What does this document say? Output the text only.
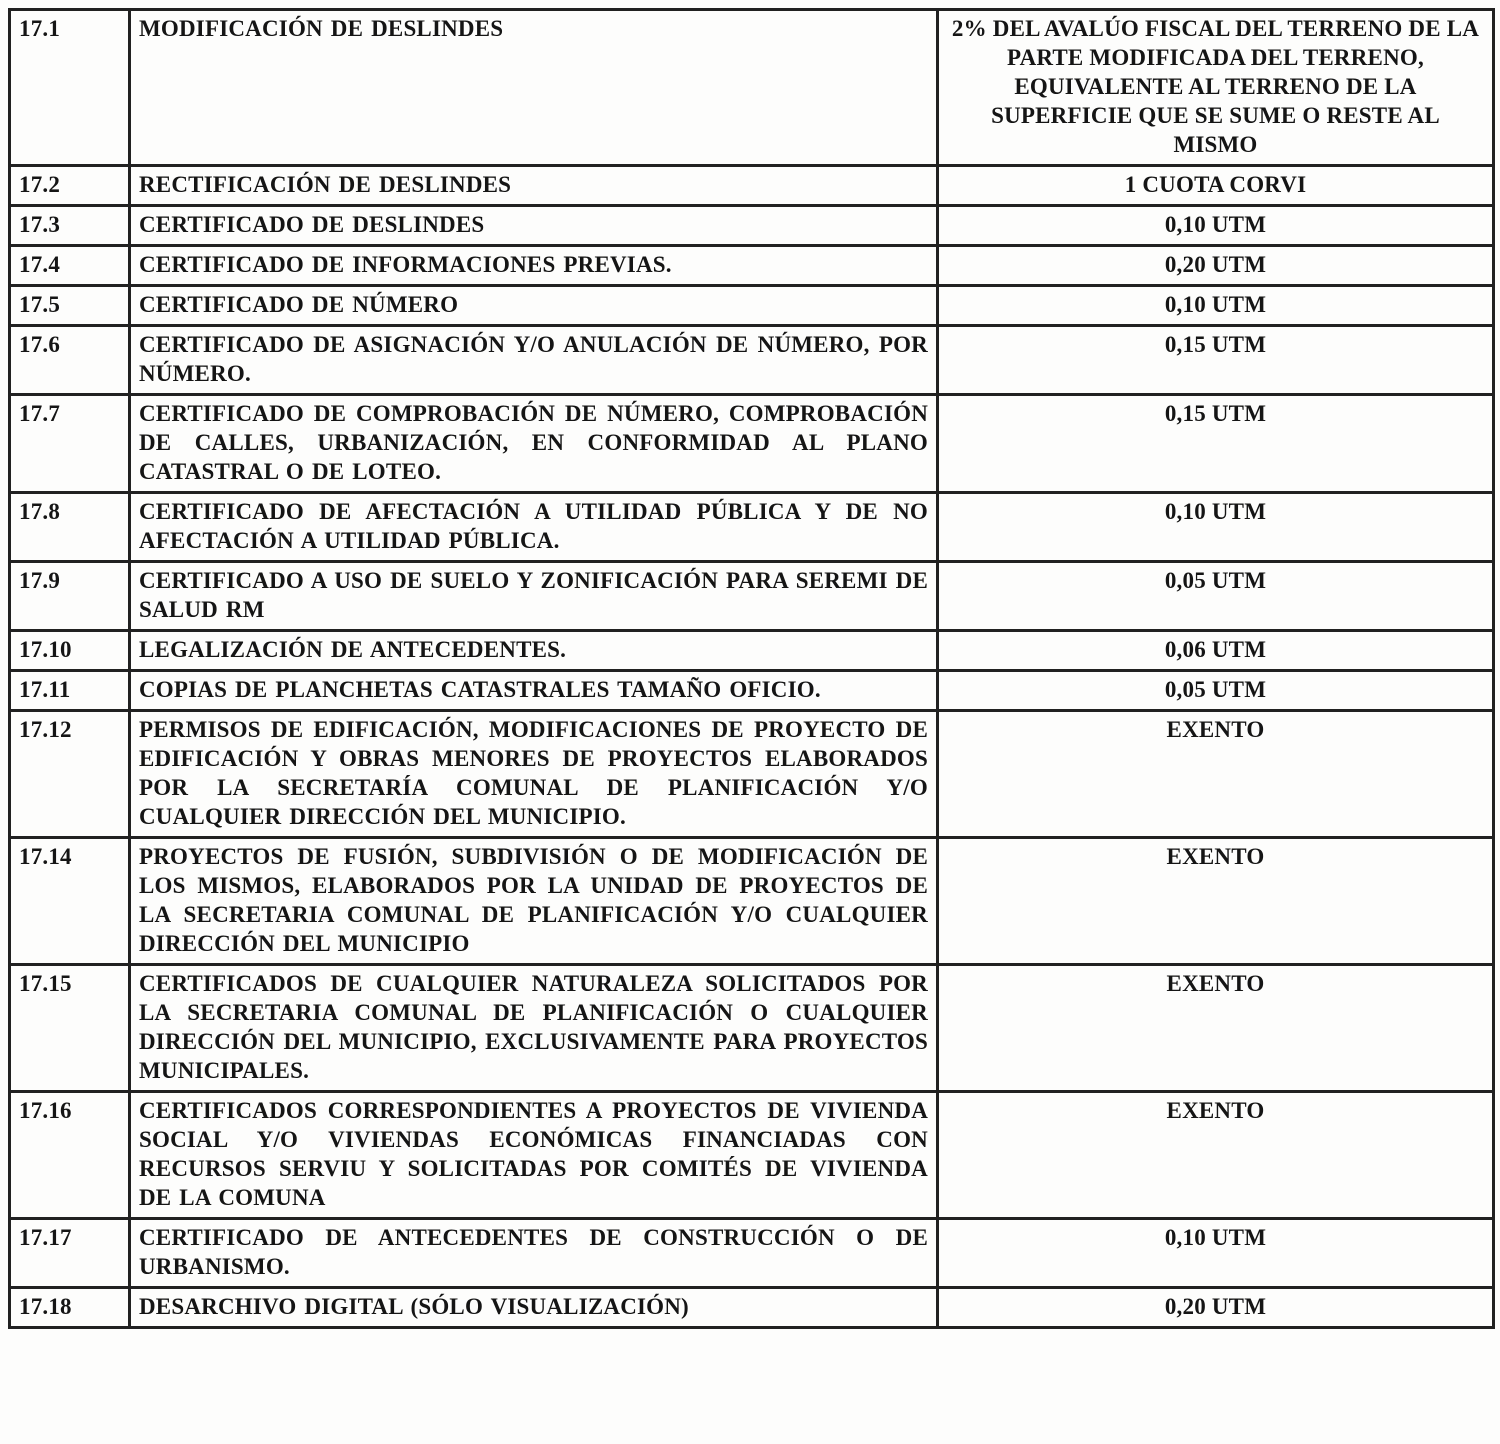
17.1	MODIFICACIÓN DE DESLINDES	2% DEL AVALÚO FISCAL DEL TERRENO DE LA PARTE MODIFICADA DEL TERRENO, EQUIVALENTE AL TERRENO DE LA SUPERFICIE QUE SE SUME O RESTE AL MISMO
17.2	RECTIFICACIÓN DE DESLINDES	1 CUOTA CORVI
17.3	CERTIFICADO DE DESLINDES	0,10 UTM
17.4	CERTIFICADO DE INFORMACIONES PREVIAS.	0,20 UTM
17.5	CERTIFICADO DE NÚMERO	0,10 UTM
17.6	CERTIFICADO DE ASIGNACIÓN Y/O ANULACIÓN DE NÚMERO, POR NÚMERO.	0,15 UTM
17.7	CERTIFICADO DE COMPROBACIÓN DE NÚMERO, COMPROBACIÓN DE CALLES, URBANIZACIÓN, EN CONFORMIDAD AL PLANO CATASTRAL O DE LOTEO.	0,15 UTM
17.8	CERTIFICADO DE AFECTACIÓN A UTILIDAD PÚBLICA Y DE NO AFECTACIÓN A UTILIDAD PÚBLICA.	0,10 UTM
17.9	CERTIFICADO A USO DE SUELO Y ZONIFICACIÓN PARA SEREMI DE SALUD RM	0,05 UTM
17.10	LEGALIZACIÓN DE ANTECEDENTES.	0,06 UTM
17.11	COPIAS DE PLANCHETAS CATASTRALES TAMAÑO OFICIO.	0,05 UTM
17.12	PERMISOS DE EDIFICACIÓN, MODIFICACIONES DE PROYECTO DE EDIFICACIÓN Y OBRAS MENORES DE PROYECTOS ELABORADOS POR LA SECRETARÍA COMUNAL DE PLANIFICACIÓN Y/O CUALQUIER DIRECCIÓN DEL MUNICIPIO.	EXENTO
17.14	PROYECTOS DE FUSIÓN, SUBDIVISIÓN O DE MODIFICACIÓN DE LOS MISMOS, ELABORADOS POR LA UNIDAD DE PROYECTOS DE LA SECRETARIA COMUNAL DE PLANIFICACIÓN Y/O CUALQUIER DIRECCIÓN DEL MUNICIPIO	EXENTO
17.15	CERTIFICADOS DE CUALQUIER NATURALEZA SOLICITADOS POR LA SECRETARIA COMUNAL DE PLANIFICACIÓN O CUALQUIER DIRECCIÓN DEL MUNICIPIO, EXCLUSIVAMENTE PARA PROYECTOS MUNICIPALES.	EXENTO
17.16	CERTIFICADOS CORRESPONDIENTES A PROYECTOS DE VIVIENDA SOCIAL Y/O VIVIENDAS ECONÓMICAS FINANCIADAS CON RECURSOS SERVIU Y SOLICITADAS POR COMITÉS DE VIVIENDA DE LA COMUNA	EXENTO
17.17	CERTIFICADO DE ANTECEDENTES DE CONSTRUCCIÓN O DE URBANISMO.	0,10 UTM
17.18	DESARCHIVO DIGITAL (SÓLO VISUALIZACIÓN)	0,20 UTM
